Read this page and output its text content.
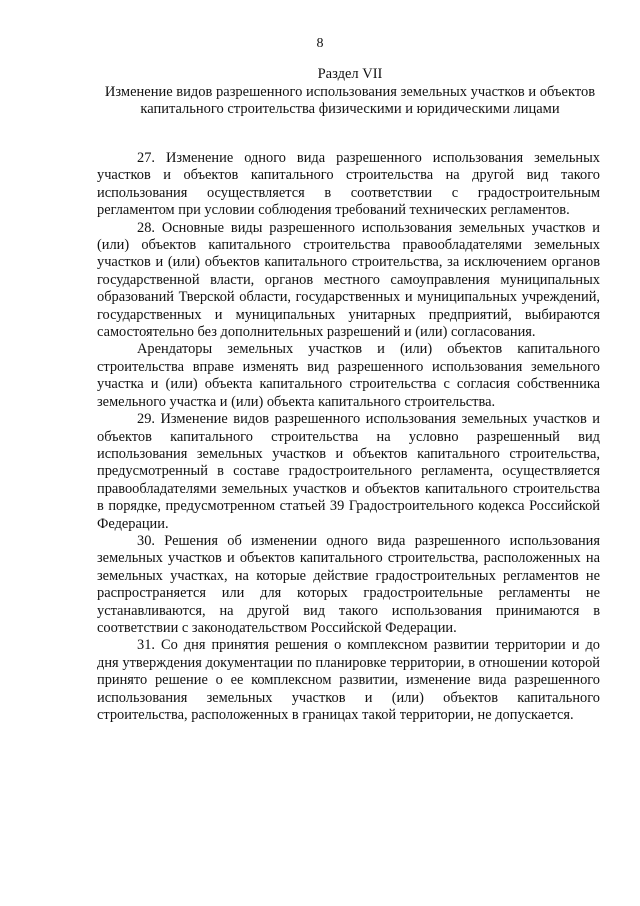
8

Раздел VII

Изменение видов разрешенного использования земельных участков и объектов капитального строительства физическими и юридическими лицами

27. Изменение одного вида разрешенного использования земельных участков и объектов капитального строительства на другой вид такого использования осуществляется в соответствии с градостроительным регламентом при условии соблюдения требований технических регламентов.

28. Основные виды разрешенного использования земельных участков и (или) объектов капитального строительства правообладателями земельных участков и (или) объектов капитального строительства, за исключением органов государственной власти, органов местного самоуправления муниципальных образований Тверской области, государственных и муниципальных учреждений, государственных и муниципальных унитарных предприятий, выбираются самостоятельно без дополнительных разрешений и (или) согласования.

Арендаторы земельных участков и (или) объектов капитального строительства вправе изменять вид разрешенного использования земельного участка и (или) объекта капитального строительства с согласия собственника земельного участка и (или) объекта капитального строительства.

29. Изменение видов разрешенного использования земельных участков и объектов капитального строительства на условно разрешенный вид использования земельных участков и объектов капитального строительства, предусмотренный в составе градостроительного регламента, осуществляется правообладателями земельных участков и объектов капитального строительства в порядке, предусмотренном статьей 39 Градостроительного кодекса Российской Федерации.

30. Решения об изменении одного вида разрешенного использования земельных участков и объектов капитального строительства, расположенных на земельных участках, на которые действие градостроительных регламентов не распространяется или для которых градостроительные регламенты не устанавливаются, на другой вид такого использования принимаются в соответствии с законодательством Российской Федерации.

31. Со дня принятия решения о комплексном развитии территории и до дня утверждения документации по планировке территории, в отношении которой принято решение о ее комплексном развитии, изменение вида разрешенного использования земельных участков и (или) объектов капитального строительства, расположенных в границах такой территории, не допускается.
